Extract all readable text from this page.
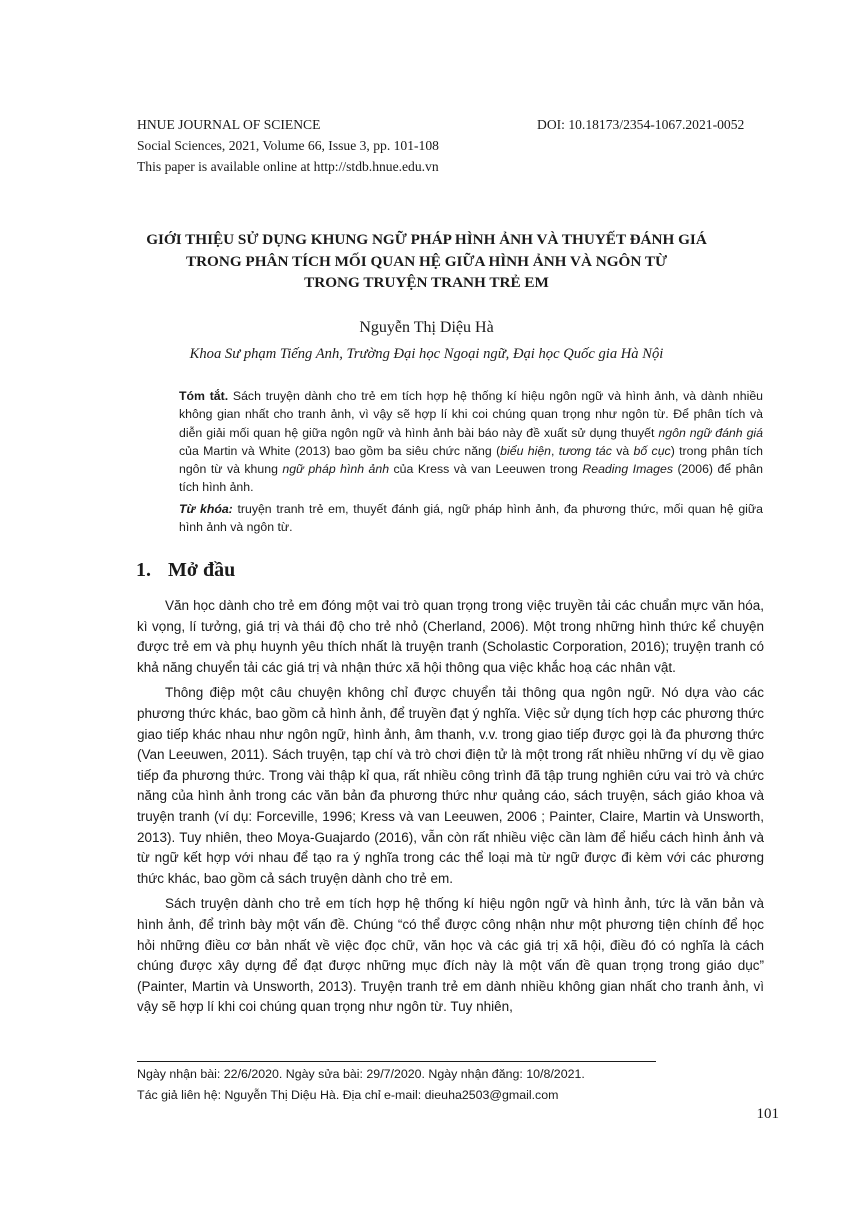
HNUE JOURNAL OF SCIENCE	DOI: 10.18173/2354-1067.2021-0052
Social Sciences, 2021, Volume 66, Issue 3, pp. 101-108
This paper is available online at http://stdb.hnue.edu.vn
GIỚI THIỆU SỬ DỤNG KHUNG NGỮ PHÁP HÌNH ẢNH VÀ THUYẾT ĐÁNH GIÁ
TRONG PHÂN TÍCH MỐI QUAN HỆ GIỮA HÌNH ẢNH VÀ NGÔN TỪ
TRONG TRUYỆN TRANH TRẺ EM
Nguyễn Thị Diệu Hà
Khoa Sư phạm Tiếng Anh, Trường Đại học Ngoại ngữ, Đại học Quốc gia Hà Nội

Tóm tắt. Sách truyện dành cho trẻ em tích hợp hệ thống kí hiệu ngôn ngữ và hình ảnh, và dành nhiều không gian nhất cho tranh ảnh, vì vậy sẽ hợp lí khi coi chúng quan trọng như ngôn từ. Để phân tích và diễn giải mối quan hệ giữa ngôn ngữ và hình ảnh bài báo này đề xuất sử dụng thuyết ngôn ngữ đánh giá của Martin và White (2013) bao gồm ba siêu chức năng (biểu hiện, tương tác và bố cục) trong phân tích ngôn từ và khung ngữ pháp hình ảnh của Kress và van Leeuwen trong Reading Images (2006) để phân tích hình ảnh.

Từ khóa: truyện tranh trẻ em, thuyết đánh giá, ngữ pháp hình ảnh, đa phương thức, mối quan hệ giữa hình ảnh và ngôn từ.

1. Mở đầu

Văn học dành cho trẻ em đóng một vai trò quan trọng trong việc truyền tải các chuẩn mực văn hóa, kì vọng, lí tưởng, giá trị và thái độ cho trẻ nhỏ (Cherland, 2006). Một trong những hình thức kể chuyện được trẻ em và phụ huynh yêu thích nhất là truyện tranh (Scholastic Corporation, 2016); truyện tranh có khả năng chuyển tải các giá trị và nhận thức xã hội thông qua việc khắc hoạ các nhân vật.

Thông điệp một câu chuyện không chỉ được chuyển tải thông qua ngôn ngữ. Nó dựa vào các phương thức khác, bao gồm cả hình ảnh, để truyền đạt ý nghĩa. Việc sử dụng tích hợp các phương thức giao tiếp khác nhau như ngôn ngữ, hình ảnh, âm thanh, v.v. trong giao tiếp được gọi là đa phương thức (Van Leeuwen, 2011). Sách truyện, tạp chí và trò chơi điện tử là một trong rất nhiều những ví dụ về giao tiếp đa phương thức. Trong vài thập kỉ qua, rất nhiều công trình đã tập trung nghiên cứu vai trò và chức năng của hình ảnh trong các văn bản đa phương thức như quảng cáo, sách truyện, sách giáo khoa và truyện tranh (ví dụ: Forceville, 1996; Kress và van Leeuwen, 2006 ; Painter, Claire, Martin và Unsworth, 2013). Tuy nhiên, theo Moya-Guajardo (2016), vẫn còn rất nhiều việc cần làm để hiểu cách hình ảnh và từ ngữ kết hợp với nhau để tạo ra ý nghĩa trong các thể loại mà từ ngữ được đi kèm với các phương thức khác, bao gồm cả sách truyện dành cho trẻ em.

Sách truyện dành cho trẻ em tích hợp hệ thống kí hiệu ngôn ngữ và hình ảnh, tức là văn bản và hình ảnh, để trình bày một vấn đề. Chúng “có thể được công nhận như một phương tiện chính để học hỏi những điều cơ bản nhất về việc đọc chữ, văn học và các giá trị xã hội, điều đó có nghĩa là cách chúng được xây dựng để đạt được những mục đích này là một vấn đề quan trọng trong giáo dục” (Painter, Martin và Unsworth, 2013). Truyện tranh trẻ em dành nhiều không gian nhất cho tranh ảnh, vì vậy sẽ hợp lí khi coi chúng quan trọng như ngôn từ. Tuy nhiên,

Ngày nhận bài: 22/6/2020. Ngày sửa bài: 29/7/2020. Ngày nhận đăng: 10/8/2021.
Tác giả liên hệ: Nguyễn Thị Diệu Hà. Địa chỉ e-mail: dieuha2503@gmail.com
101
